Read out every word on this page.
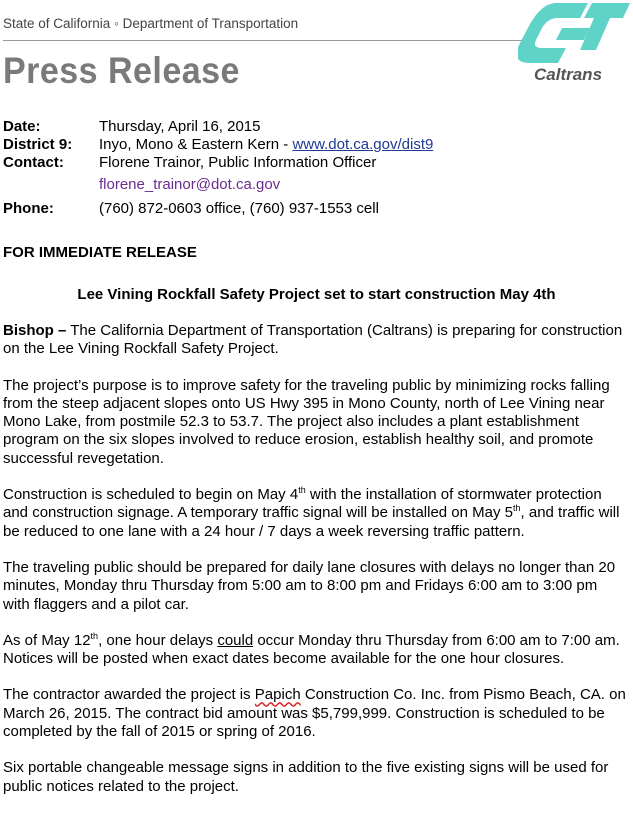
State of California ◦ Department of Transportation
Press Release	Caltrans
Date:	Thursday, April 16, 2015
District 9:	Inyo, Mono & Eastern Kern - www.dot.ca.gov/dist9
Contact:	Florene Trainor, Public Information Officer
florene_trainor@dot.ca.gov
Phone:	(760) 872-0603 office, (760) 937-1553 cell
FOR IMMEDIATE RELEASE
Lee Vining Rockfall Safety Project set to start construction May 4th

Bishop – The California Department of Transportation (Caltrans) is preparing for construction on the Lee Vining Rockfall Safety Project.

The project’s purpose is to improve safety for the traveling public by minimizing rocks falling from the steep adjacent slopes onto US Hwy 395 in Mono County, north of Lee Vining near Mono Lake, from postmile 52.3 to 53.7. The project also includes a plant establishment program on the six slopes involved to reduce erosion, establish healthy soil, and promote successful revegetation.

Construction is scheduled to begin on May 4th with the installation of stormwater protection and construction signage. A temporary traffic signal will be installed on May 5th, and traffic will be reduced to one lane with a 24 hour / 7 days a week reversing traffic pattern.

The traveling public should be prepared for daily lane closures with delays no longer than 20 minutes, Monday thru Thursday from 5:00 am to 8:00 pm and Fridays 6:00 am to 3:00 pm with flaggers and a pilot car.

As of May 12th, one hour delays could occur Monday thru Thursday from 6:00 am to 7:00 am. Notices will be posted when exact dates become available for the one hour closures.

The contractor awarded the project is Papich Construction Co. Inc. from Pismo Beach, CA. on March 26, 2015. The contract bid amount was $5,799,999. Construction is scheduled to be completed by the fall of 2015 or spring of 2016.

Six portable changeable message signs in addition to the five existing signs will be used for public notices related to the project.
